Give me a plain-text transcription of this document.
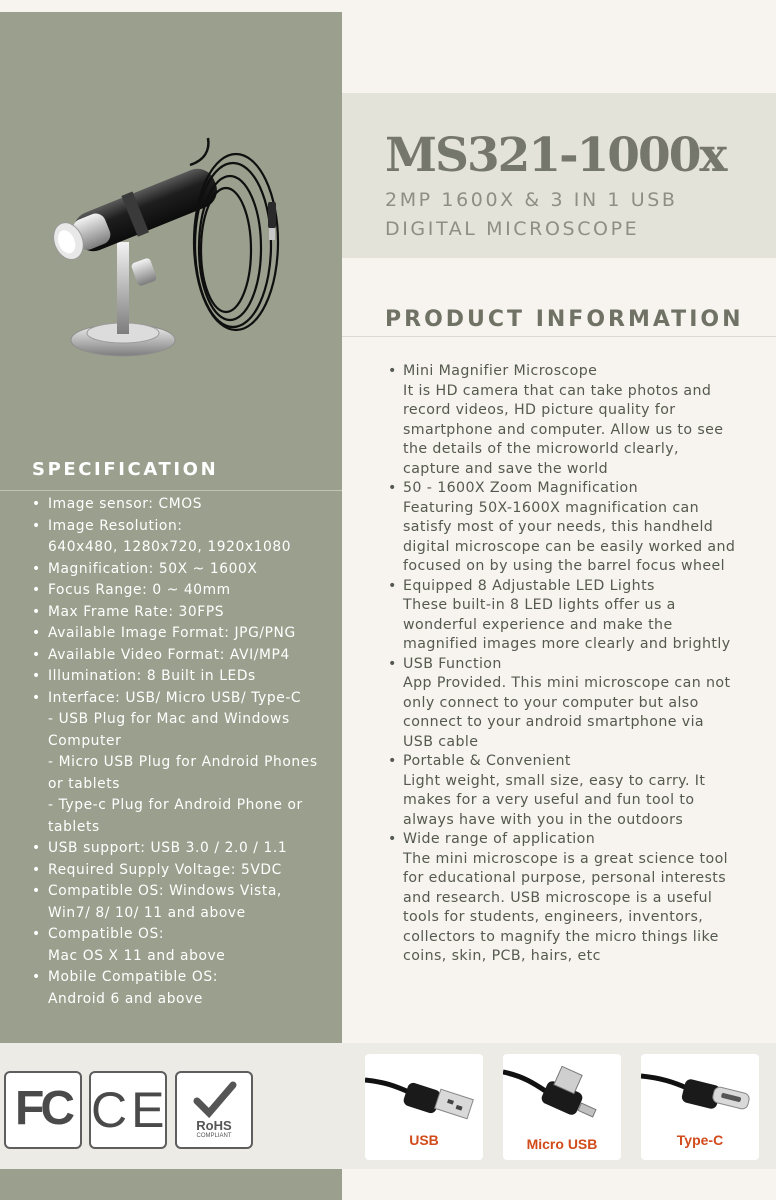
MS321-1000x
2MP 1600X & 3 IN 1 USB
DIGITAL MICROSCOPE
PRODUCT INFORMATION
• Mini Magnifier Microscope
It is HD camera that can take photos and
record videos, HD picture quality for
smartphone and computer. Allow us to see
the details of the microworld clearly,
capture and save the world
• 50 - 1600X Zoom Magnification
Featuring 50X-1600X magnification can
satisfy most of your needs, this handheld
digital microscope can be easily worked and
focused on by using the barrel focus wheel
• Equipped 8 Adjustable LED Lights
These built-in 8 LED lights offer us a
wonderful experience and make the
magnified images more clearly and brightly
• USB Function
App Provided. This mini microscope can not
only connect to your computer but also
connect to your android smartphone via
USB cable
• Portable & Convenient
Light weight, small size, easy to carry. It
makes for a very useful and fun tool to
always have with you in the outdoors
• Wide range of application
The mini microscope is a great science tool
for educational purpose, personal interests
and research. USB microscope is a useful
tools for students, engineers, inventors,
collectors to magnify the micro things like
coins, skin, PCB, hairs, etc
SPECIFICATION
• Image sensor: CMOS
• Image Resolution:
640x480, 1280x720, 1920x1080
• Magnification: 50X ~ 1600X
• Focus Range: 0 ~ 40mm
• Max Frame Rate: 30FPS
• Available Image Format: JPG/PNG
• Available Video Format: AVI/MP4
• Illumination: 8 Built in LEDs
• Interface: USB/ Micro USB/ Type-C
- USB Plug for Mac and Windows
Computer
- Micro USB Plug for Android Phones
or tablets
- Type-c Plug for Android Phone or
tablets
• USB support: USB 3.0 / 2.0 / 1.1
• Required Supply Voltage: 5VDC
• Compatible OS: Windows Vista,
Win7/ 8/ 10/ 11 and above
• Compatible OS:
Mac OS X 11 and above
• Mobile Compatible OS:
Android 6 and above
FC CE	RoHS
COMPLIANT	USB	Micro USB	Type-C
